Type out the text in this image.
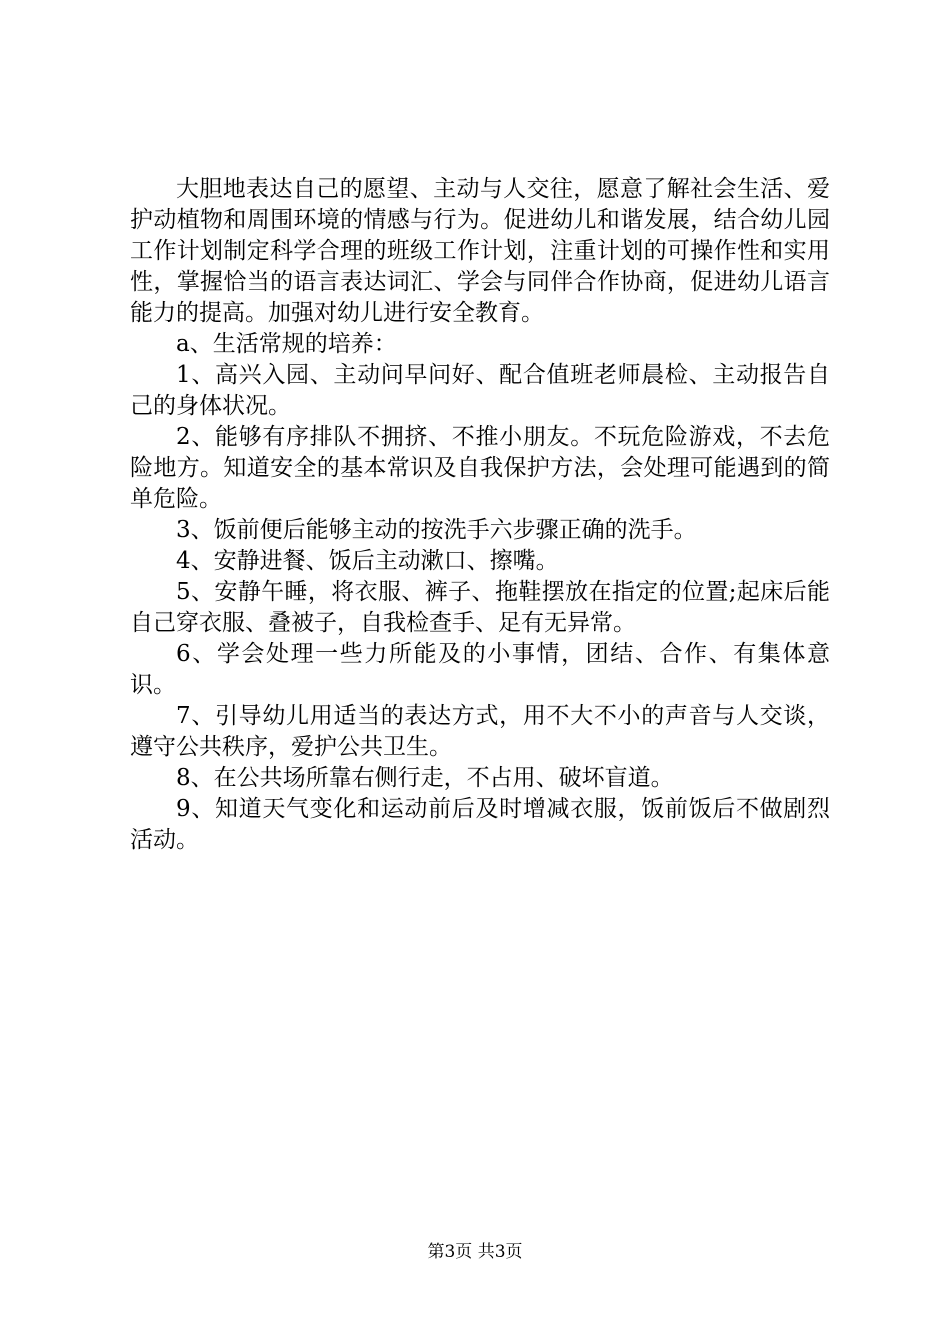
大胆地表达自己的愿望、主动与人交往，愿意了解社会生活、爱护动植物和周围环境的情感与行为。促进幼儿和谐发展，结合幼儿园工作计划制定科学合理的班级工作计划，注重计划的可操作性和实用性，掌握恰当的语言表达词汇、学会与同伴合作协商，促进幼儿语言能力的提高。加强对幼儿进行安全教育。

a、生活常规的培养：

1、高兴入园、主动问早问好、配合值班老师晨检、主动报告自己的身体状况。

2、能够有序排队不拥挤、不推小朋友。不玩危险游戏，不去危险地方。知道安全的基本常识及自我保护方法，会处理可能遇到的简单危险。

3、饭前便后能够主动的按洗手六步骤正确的洗手。

4、安静进餐、饭后主动漱口、擦嘴。

5、安静午睡，将衣服、裤子、拖鞋摆放在指定的位置;起床后能自己穿衣服、叠被子，自我检查手、足有无异常。

6、学会处理一些力所能及的小事情，团结、合作、有集体意识。

7、引导幼儿用适当的表达方式，用不大不小的声音与人交谈，遵守公共秩序，爱护公共卫生。

8、在公共场所靠右侧行走，不占用、破坏盲道。

9、知道天气变化和运动前后及时增减衣服，饭前饭后不做剧烈活动。

第3页 共3页
